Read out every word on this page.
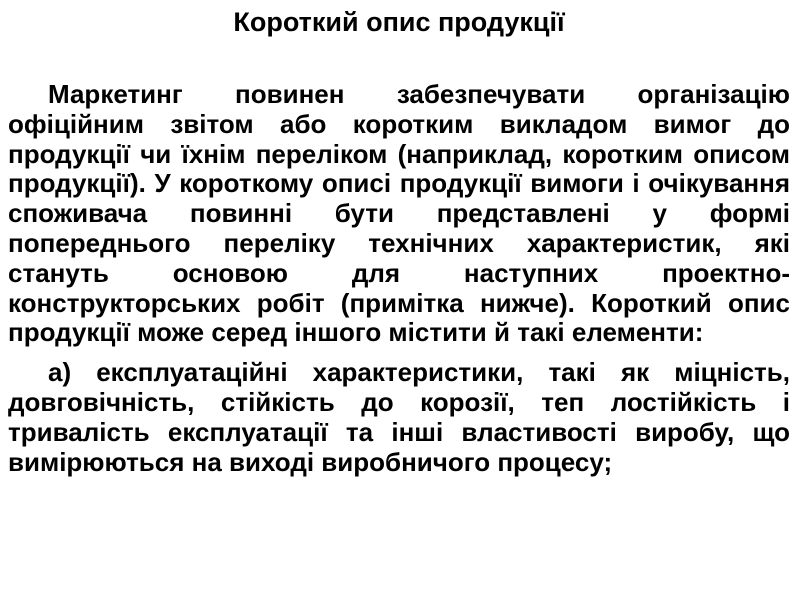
Короткий опис продукції

Маркетинг повинен забезпечувати організацію офіційним звітом або коротким викладом вимог до продукції чи їхнім переліком (наприклад, коротким описом продукції). У короткому описі продукції вимоги і очікування споживача повинні бути представлені у формі попереднього переліку технічних характеристик, які стануть основою для наступних проектно-конструкторських робіт (примітка нижче). Короткий опис продукції може серед іншого містити й такі елементи:

а) експлуатаційні характеристики, такі як міцність, довговічність, стійкість до корозії, теп лостійкість і тривалість експлуатації та інші властивості виробу, що вимірюються на виході виробничого процесу;
